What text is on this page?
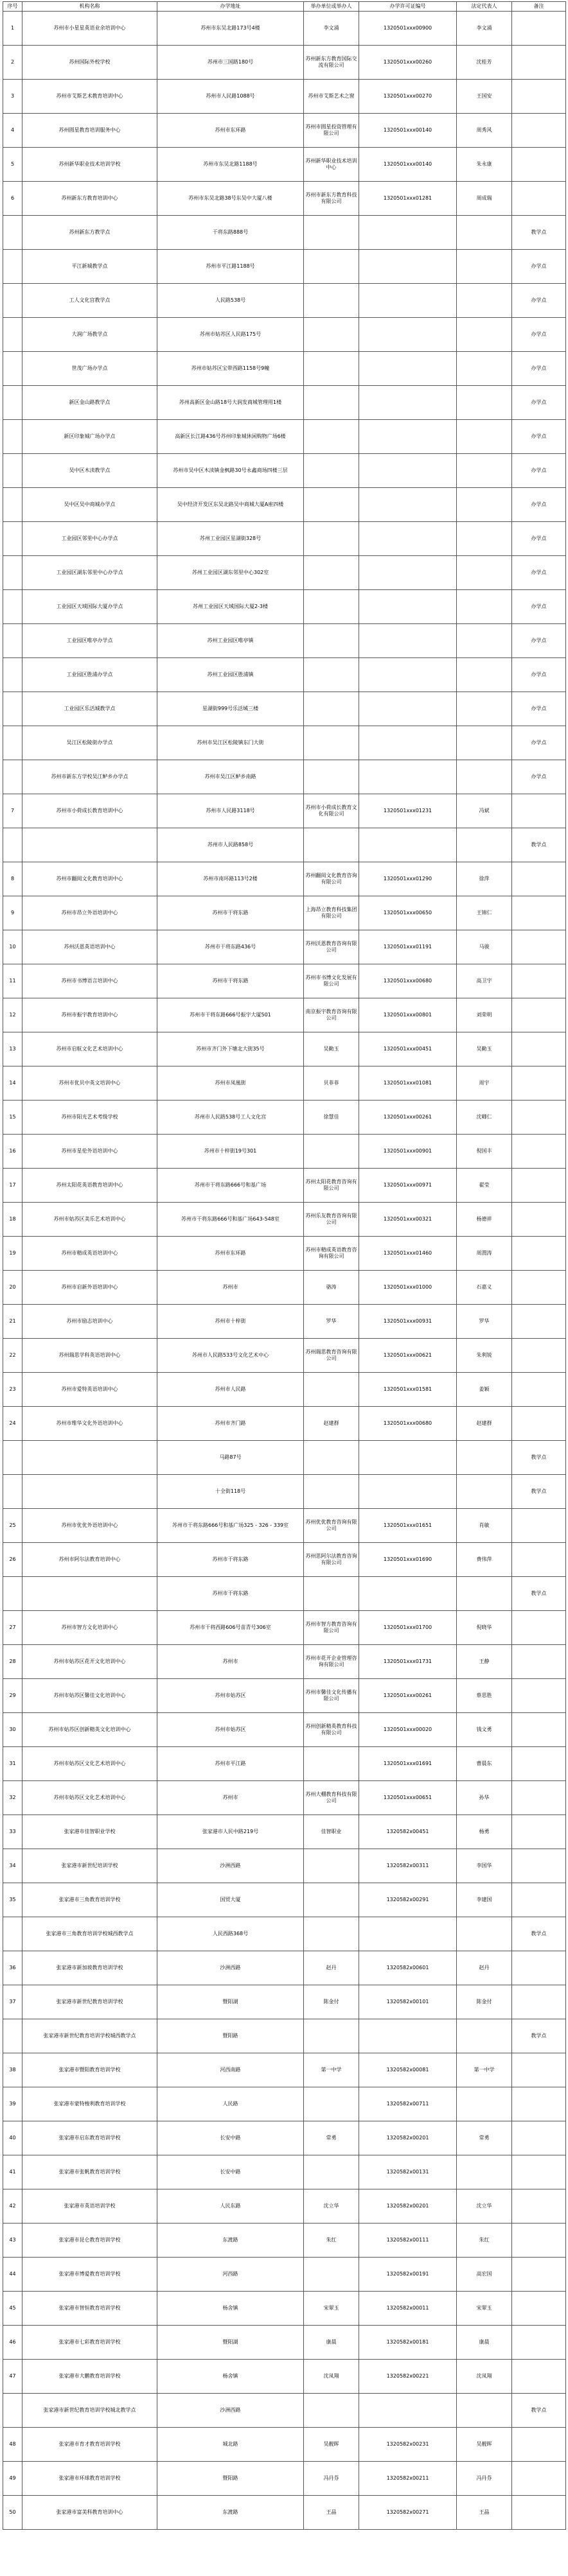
序号	机构名称	办学地址	举办单位或举办人	办学许可证编号	法定代表人	备注
1	苏州市小星星英语业余培训中心	苏州市东吴北路173号4楼	李文涌	1320501xxx00900	李文涌	
2	苏州国际外校学校	苏州市三国路180号	苏州新东方教育国际交流有限公司	1320501xxx00260	沈桂芳	
3	苏州市艾斯艺术教育培训中心	苏州市人民路1088号	苏州市艾斯艺术之窗	1320501xxx00270	王国安	
4	苏州圆星教育培训服务中心	苏州市东环路	苏州市圆星投资管理有限公司	1320501xxx00140	周秀风	
5	苏州新华职业技术培训学校	苏州市东吴北路1188号	苏州新华职业技术培训中心	1320501xxx00140	朱永康	
6	苏州新东方教育培训中心	苏州市东吴北路38号东吴中大厦八楼	苏州市新东方教育科技有限公司	1320501xxx01281	周成瑞	
	苏州新东方教学点	干将东路888号				教学点
	平江新城教学点	苏州市平江路1188号				办学点
	工人文化宫教学点	人民路538号				办学点
	大润广场教学点	苏州市姑苏区人民路175号				办学点
	世茂广场办学点	苏州市姑苏区宝带西路1158号9幢				办学点
	新区金山路教学点	苏州高新区金山路18号大润发商城管理用1楼				办学点
	新区印象城广场办学点	高新区长江路436号苏州印象城休闲购物广场6楼				办学点
	吴中区木渎教学点	苏州市吴中区木渎镇金枫路30号永鑫商场四楼三层				办学点
	吴中区吴中商城办学点	吴中经济开发区东吴北路吴中商城大厦A座四楼				办学点
	工业园区邻里中心办学点	苏州工业园区星湖街328号				办学点
	工业园区湖东邻里中心办学点	苏州工业园区湖东邻里中心302室				办学点
	工业园区天域国际大厦办学点	苏州工业园区天域国际大厦2-3楼				办学点
	工业园区唯亭办学点	苏州工业园区唯亭镇				办学点
	工业园区胜浦办学点	苏州工业园区胜浦镇				办学点
	工业园区乐活城教学点	星湖街999号乐活城三楼				办学点
	吴江区松陵街办学点	苏州市吴江区松陵镇东门大街				办学点
	苏州市新东方学校吴江鲈乡办学点	苏州市吴江区鲈乡南路				办学点
7	苏州市小荷成长教育培训中心	苏州市人民路3118号	苏州市小荷成长教育文化有限公司	1320501xxx01231	冯斌	
		苏州市人民路858号				教学点
8	苏州市翻阅文化教育培训中心	苏州市南环路113号2楼	苏州翻阅文化教育咨询有限公司	1320501xxx01290	徐萍	
9	苏州市昂立外语培训中心	苏州市干将东路	上海昂立教育科技集团有限公司	1320501xxx00650	王锦仁	
10	苏州沃恩英语培训中心	苏州市干将东路436号	苏州沃恩教育咨询有限公司	1320501xxx01191	马骏	
11	苏州市书博语言培训中心	苏州市干将东路	苏州市书博文化发展有限公司	1320501xxx00680	高卫宇	
12	苏州市振宇教育培训中心	苏州市干将东路666号振宇大厦501	南京振宇教育咨询有限公司	1320501xxx00801	刘荣明	
13	苏州市启航文化艺术培训中心	苏州市齐门外下塘北大街35号	吴勤玉	1320501xxx00451	吴勤玉	
14	苏州市优贝中英文培训中心	苏州市凤凰街	贝菲菲	1320501xxx01081	周宇	
15	苏州市阳光艺术考级学校	苏州市人民路538号工人文化宫	徐慧佳	1320501xxx00261	沈卿仁	
16	苏州市星伦外语培训中心	苏州市十梓街19号301		1320501xxx00901	倪国丰	
17	苏州太阳花英语教育培训中心	苏州市干将东路666号和基广场	苏州太阳花教育咨询有限公司	1320501xxx00971	翟莹	
18	苏州市姑苏区美乐艺术培训中心	苏州市干将东路666号和基广场643-548室	苏州乐友教育咨询有限公司	1320501xxx00321	杨德祥	
19	苏州市精成英语培训中心	苏州市东环路	苏州市精成英语教育咨询有限公司	1320501xxx01460	周渭涛	
20	苏州市启新外语培训中心	苏州市	骆涛	1320501xxx01000	石嘉义	
21	苏州市励志培训中心	苏州市十梓街	罗华	1320501xxx00931	罗华	
22	苏州瑞思学科英语培训中心	苏州市人民路533号文化艺术中心	苏州瑞思教育咨询有限公司	1320501xxx00621	朱利锐	
23	苏州市爱特英语培训中心	苏州市人民路		1320501xxx01581	姜颖	
24	苏州市维华文化外语培训中心	苏州市齐门路	赵建群	1320501xxx00680	赵建群	
		马路87号				教学点
		十全街118号				教学点
25	苏州市优优外语培训中心	苏州市干将东路666号和基广场325 - 326 - 339室	苏州优优教育咨询有限公司	1320501xxx01651	肖敏	
26	苏州市阿尔法教育培训中心	苏州市干将东路	苏州思阿尔法教育咨询有限公司	1320501xxx01690	费伟萍	
		苏州市干将东路				教学点
27	苏州市智方文化培训中心	苏州市干将西路606号苗青号306室	苏州市智方教育咨询有限公司	1320501xxx01700	倪晓华	
28	苏州市姑苏区花开文化培训中心	苏州市	苏州市花开企业管理咨询有限公司	1320501xxx01731	王静	
29	苏州市姑苏区馨佳文化培训中心	苏州市姑苏区	苏州市馨佳文化传播有限公司	1320501xxx00261	蔡思胜	
30	苏州市姑苏区创新精英文化培训中心	苏州市姑苏区	苏州创新精英教育科技有限公司	1320501xxx00020	钱文勇	
31	苏州市姑苏区文化艺术培训中心	苏州市平江路		1320501xxx01691	曹晨东	
32	苏州市姑苏区文化艺术培训中心	苏州市	苏州大棚教育科技有限公司	1320501xxx00651	孙华	
33	张家港市佳智职业学校	张家港市人民中路219号	佳智职业	1320582x00451	杨勇	
34	张家港市新世纪培训学校	沙洲西路		1320582x00311	李国华	
35	张家港市三角教育培训学校	国贸大厦		1320582x00291	李建国	
	张家港市三角教育培训学校城西教学点	人民西路368号				教学点
36	张家港市新加坡教育培训学校	沙洲西路	赵丹	1320582x00601	赵丹	
37	张家港市新世纪教育培训学校	暨阳湖	陈金付	1320582x00101	陈金付	
	张家港市新世纪教育培训学校城西教学点	暨阳路				教学点
38	张家港市暨阳教育培训学校	河西南路	第一中学	1320582x00081	第一中学	
39	张家港市蒙特梭利教育培训学校	人民路		1320582x00711		
40	张家港市启东教育培训学校	长安中路	常勇	1320582x00201	常勇	
41	张家港市张帆教育培训学校	长安中路		1320582x00131		
42	张家港市英语培训学校	人民东路	沈立华	1320582x00201	沈立华	
43	张家港市昆仑教育培训学校	东渡路	朱红	1320582x00111	朱红	
44	张家港市博爱教育培训学校	河西路		1320582x00191	高宏国	
45	张家港市智恒教育培训学校	杨舍镇	宋翠玉	1320582x00011	宋翠玉	
46	张家港市七彩教育培训学校	暨阳湖	康晨	1320582x00181	康晨	
47	张家港市大鹏教育培训学校	杨舍镇	沈凤翔	1320582x00221	沈凤翔	
	张家港市新世纪教育培训学校城北教学点	沙洲西路				教学点
48	张家港市育才教育培训学校	城北路	吴靓晖	1320582x00231	吴靓晖	
49	张家港市环球教育培训学校	暨阳路	冯丹芬	1320582x00211	冯丹芬	
50	张家港市富美科教育培训中心	东渡路	王晶	1320582x00271	王晶	
